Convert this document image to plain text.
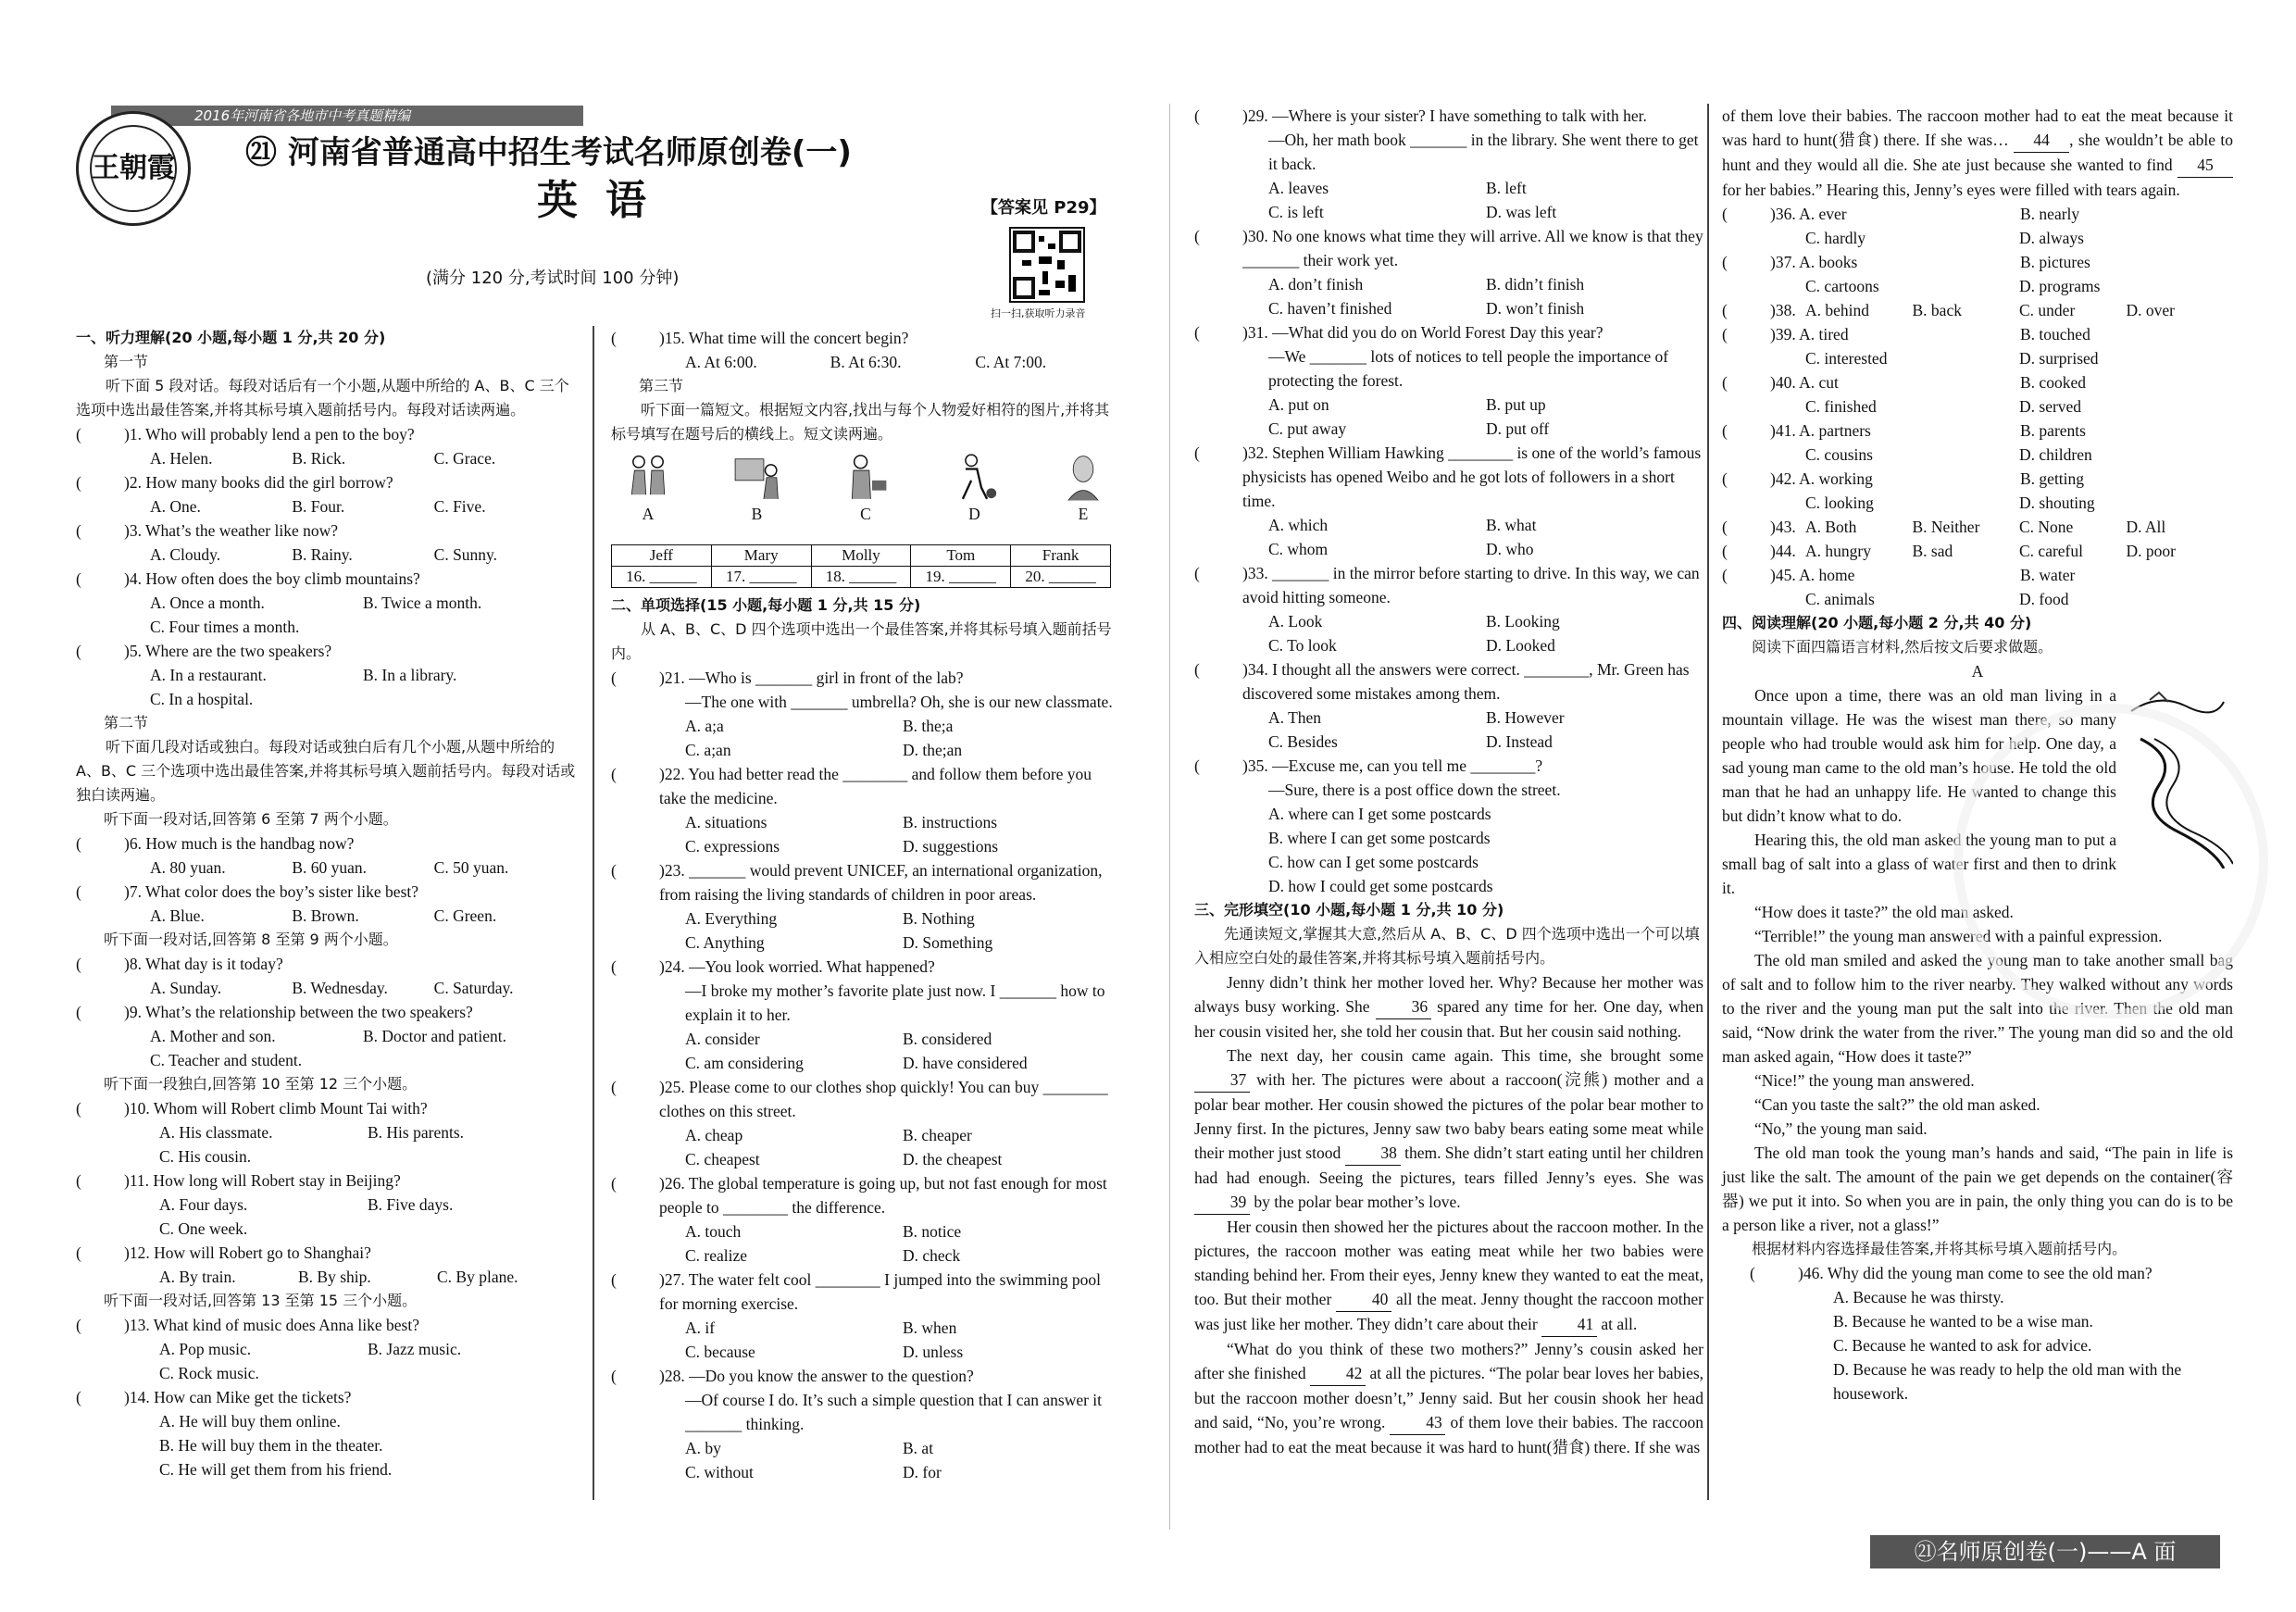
2016年河南省各地市中考真题精编
王朝霞 ㉑ 河南省普通高中招生考试名师原创卷(一)
英语	【答案见 P29】
(满分 120 分,考试时间 100 分钟)
扫一扫,获取听力录音
一、听力理解(20 小题,每小题 1 分,共 20 分)
第一节
听下面 5 段对话。每段对话后有一个小题,从题中所给的 A、B、C 三个选项中选出最佳答案,并将其标号填入题前括号内。每段对话读两遍。
(	)1. Who will probably lend a pen to the boy?
A. Helen.	B. Rick.	C. Grace.
(	)2. How many books did the girl borrow?
A. One.	B. Four.	C. Five.
(	)3. What’s the weather like now?
A. Cloudy.	B. Rainy.	C. Sunny.
(	)4. How often does the boy climb mountains?
A. Once a month.	B. Twice a month.
C. Four times a month.
(	)5. Where are the two speakers?
A. In a restaurant.	B. In a library.
C. In a hospital.
第二节
听下面几段对话或独白。每段对话或独白后有几个小题,从题中所给的 A、B、C 三个选项中选出最佳答案,并将其标号填入题前括号内。每段对话或独白读两遍。
听下面一段对话,回答第 6 至第 7 两个小题。
(	)6. How much is the handbag now?
A. 80 yuan.	B. 60 yuan.	C. 50 yuan.
(	)7. What color does the boy’s sister like best?
A. Blue.	B. Brown.	C. Green.
听下面一段对话,回答第 8 至第 9 两个小题。
(	)8. What day is it today?
A. Sunday.	B. Wednesday.	C. Saturday.
(	)9. What’s the relationship between the two speakers?
A. Mother and son.	B. Doctor and patient.
C. Teacher and student.
听下面一段独白,回答第 10 至第 12 三个小题。
(	)10. Whom will Robert climb Mount Tai with?
A. His classmate.	B. His parents.
C. His cousin.
(	)11. How long will Robert stay in Beijing?
A. Four days.	B. Five days.
C. One week.
(	)12. How will Robert go to Shanghai?
A. By train.	B. By ship.	C. By plane.
听下面一段对话,回答第 13 至第 15 三个小题。
(	)13. What kind of music does Anna like best?
A. Pop music.	B. Jazz music.
C. Rock music.
(	)14. How can Mike get the tickets?
A. He will buy them online.
B. He will buy them in the theater.
C. He will get them from his friend.
(	)15. What time will the concert begin?
A. At 6:00.	B. At 6:30.	C. At 7:00.
第三节
听下面一篇短文。根据短文内容,找出与每个人物爱好相符的图片,并将其标号填写在题号后的横线上。短文读两遍。
A	B	C	D	E
Jeff	Mary	Molly	Tom	Frank
16. ______	17. ______	18. ______	19. ______	20. ______
二、单项选择(15 小题,每小题 1 分,共 15 分)
从 A、B、C、D 四个选项中选出一个最佳答案,并将其标号填入题前括号内。
(	)21. —Who is _______ girl in front of the lab?
—The one with _______ umbrella? Oh, she is our new classmate.
A. a;a	B. the;a
C. a;an	D. the;an
(	)22. You had better read the ________ and follow them before you take the medicine.
A. situations	B. instructions
C. expressions	D. suggestions
(	)23. _______ would prevent UNICEF, an international organization, from raising the living standards of children in poor areas.
A. Everything	B. Nothing
C. Anything	D. Something
(	)24. —You look worried. What happened?
—I broke my mother’s favorite plate just now. I _______ how to explain it to her.
A. consider	B. considered
C. am considering	D. have considered
(	)25. Please come to our clothes shop quickly! You can buy ________ clothes on this street.
A. cheap	B. cheaper
C. cheapest	D. the cheapest
(	)26. The global temperature is going up, but not fast enough for most people to ________ the difference.
A. touch	B. notice
C. realize	D. check
(	)27. The water felt cool ________ I jumped into the swimming pool for morning exercise.
A. if	B. when
C. because	D. unless
(	)28. —Do you know the answer to the question?
—Of course I do. It’s such a simple question that I can answer it _______ thinking.
A. by	B. at
C. without	D. for
(	)29. —Where is your sister? I have something to talk with her.
—Oh, her math book _______ in the library. She went there to get it back.
A. leaves	B. left
C. is left	D. was left
(	)30. No one knows what time they will arrive. All we know is that they _______ their work yet.
A. don’t finish	B. didn’t finish
C. haven’t finished	D. won’t finish
(	)31. —What did you do on World Forest Day this year?
—We _______ lots of notices to tell people the importance of protecting the forest.
A. put on	B. put up
C. put away	D. put off
(	)32. Stephen William Hawking ________ is one of the world’s famous physicists has opened Weibo and he got lots of followers in a short time.
A. which	B. what
C. whom	D. who
(	)33. _______ in the mirror before starting to drive. In this way, we can avoid hitting someone.
A. Look	B. Looking
C. To look	D. Looked
(	)34. I thought all the answers were correct. ________, Mr. Green has discovered some mistakes among them.
A. Then	B. However
C. Besides	D. Instead
(	)35. —Excuse me, can you tell me ________?
—Sure, there is a post office down the street.
A. where can I get some postcards
B. where I can get some postcards
C. how can I get some postcards
D. how I could get some postcards
三、完形填空(10 小题,每小题 1 分,共 10 分)
先通读短文,掌握其大意,然后从 A、B、C、D 四个选项中选出一个可以填入相应空白处的最佳答案,并将其标号填入题前括号内。

Jenny didn’t think her mother loved her. Why? Because her mother was always busy working. She	36 spared any time for her. One day, when her cousin visited her, she told her cousin that. But her cousin said nothing.

The next day, her cousin came again. This time, she brought some 37 with her. The pictures were about a raccoon(浣熊) mother and a polar bear mother. Her cousin showed the pictures of the polar bear mother to Jenny first. In the pictures, Jenny saw two baby bears eating some meat while their mother just stood 38 them. She didn’t start eating until her children had had enough. Seeing the pictures, tears filled Jenny’s eyes. She was 39 by the polar bear mother’s love.

Her cousin then showed her the pictures about the raccoon mother. In the pictures, the raccoon mother was eating meat while her two babies were standing behind her. From their eyes, Jenny knew they wanted to eat the meat, too. But their mother 40 all the meat. Jenny thought the raccoon mother was just like her mother. They didn’t care about their 41 at all.

“What do you think of these two mothers?” Jenny’s cousin asked her after she finished 42 at all the pictures. “The polar bear loves her babies, but the raccoon mother doesn’t,” Jenny said. But her cousin shook her head and said, “No, you’re wrong.	43 of them love their babies. The raccoon mother had to eat the meat because it was hard to hunt(猎食) there. If she was

of them love their babies. The raccoon mother had to eat the meat because it was hard to hunt(猎食) there. If she was… 44 , she wouldn’t be able to hunt and they would all die. She ate just because she wanted to find 45 for her babies.” Hearing this, Jenny’s eyes were filled with tears again.

(	)36. A. ever	B. nearly
C. hardly	D. always
(	)37. A. books	B. pictures
C. cartoons	D. programs
(	)38. A. behind	B. back	C. under	D. over
(	)39. A. tired	B. touched
C. interested	D. surprised
(	)40. A. cut	B. cooked
C. finished	D. served
(	)41. A. partners	B. parents
C. cousins	D. children
(	)42. A. working	B. getting
C. looking	D. shouting
(	)43. A. Both	B. Neither	C. None	D. All
(	)44. A. hungry	B. sad	C. careful	D. poor
(	)45. A. home	B. water
C. animals	D. food
四、阅读理解(20 小题,每小题 2 分,共 40 分)
阅读下面四篇语言材料,然后按文后要求做题。
A

Once upon a time, there was an old man living in a mountain village. He was the wisest man there, so many people who had trouble would ask him for help. One day, a sad young man came to the old man’s house. He told the old man that he had an unhappy life. He wanted to change this but didn’t know what to do.

Hearing this, the old man asked the young man to put a small bag of salt into a glass of water first and then to drink it.

“How does it taste?” the old man asked.

“Terrible!” the young man answered with a painful expression.

The old man smiled and asked the young man to take another small bag of salt and to follow him to the river nearby. They walked without any words to the river and the young man put the salt into the river. Then the old man said, “Now drink the water from the river.” The young man did so and the old man asked again, “How does it taste?”

“Nice!” the young man answered.

“Can you taste the salt?” the old man asked.

“No,” the young man said.

The old man took the young man’s hands and said, “The pain in life is just like the salt. The amount of the pain we get depends on the container(容器) we put it into. So when you are in pain, the only thing you can do is to be a person like a river, not a glass!”

根据材料内容选择最佳答案,并将其标号填入题前括号内。
(	)46. Why did the young man come to see the old man?
A. Because he was thirsty.
B. Because he wanted to be a wise man.
C. Because he wanted to ask for advice.
D. Because he was ready to help the old man with the housework.
㉑名师原创卷(一)——A 面
